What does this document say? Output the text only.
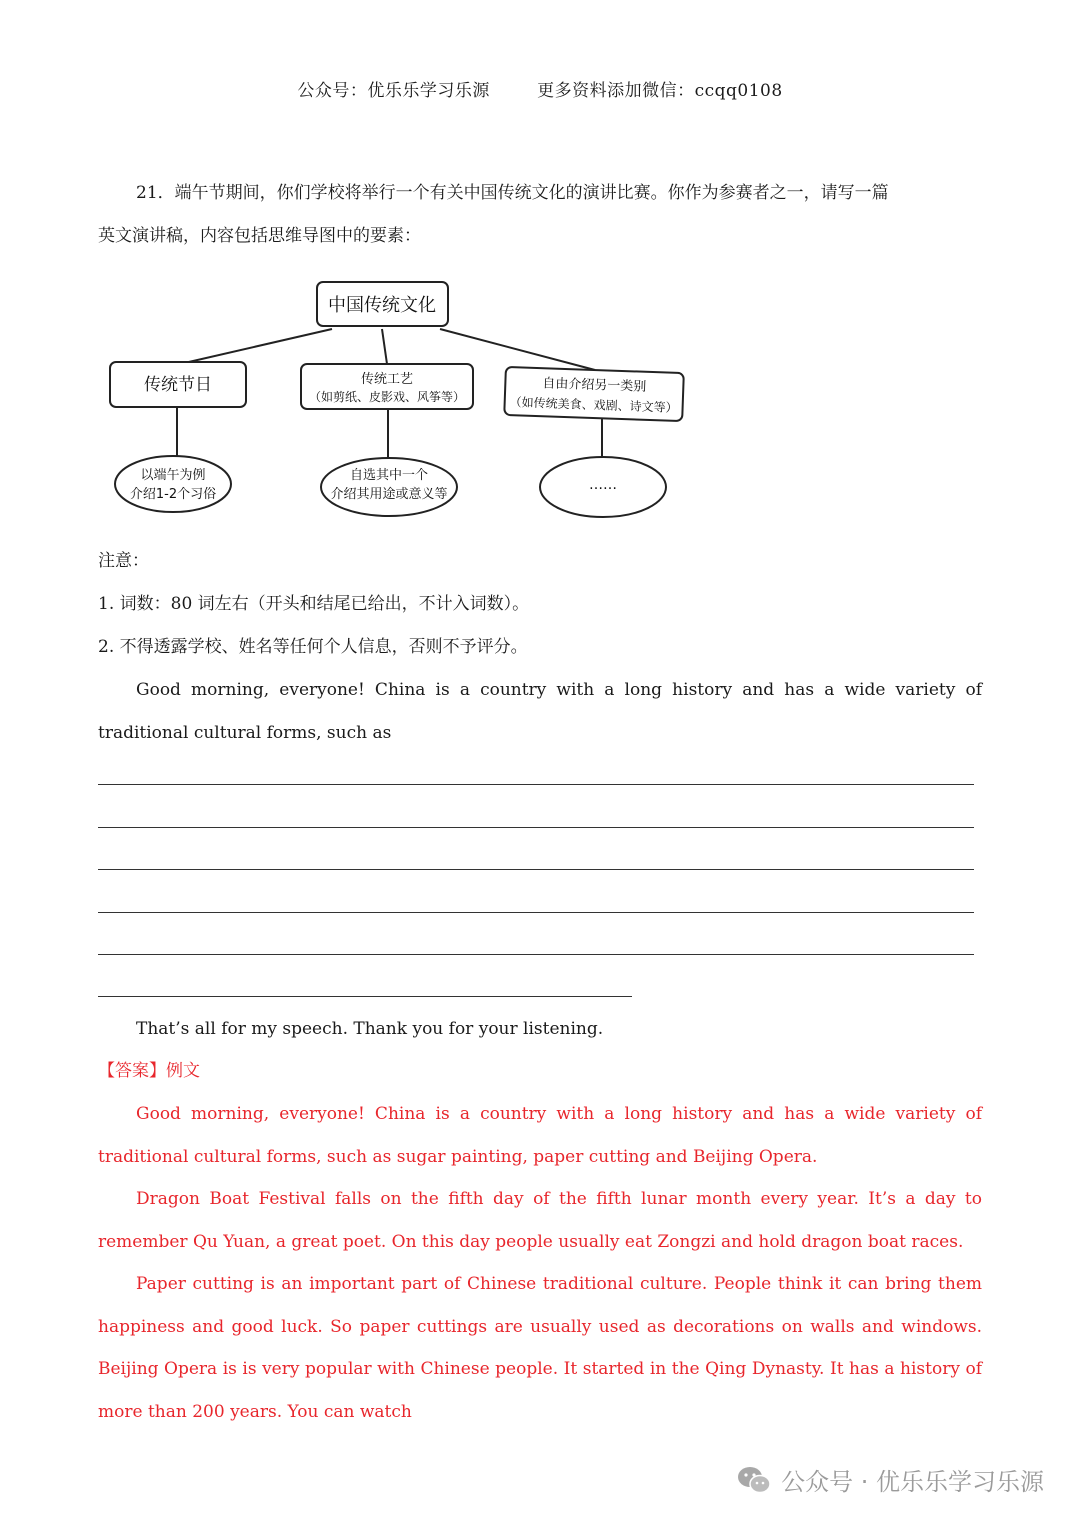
公众号：优乐乐学习乐源	更多资料添加微信：ccqq0108
21．端午节期间，你们学校将举行一个有关中国传统文化的演讲比赛。你作为参赛者之一，请写一篇
英文演讲稿，内容包括思维导图中的要素：
中国传统文化
传统节日	传统工艺
（如剪纸、皮影戏、风筝等）
自由介绍另一类别
（如传统美食、戏剧、诗文等）
以端午为例
介绍1-2个习俗
自选其中一个
介绍其用途或意义等
……
注意：
1. 词数：80 词左右（开头和结尾已给出，不计入词数）。
2. 不得透露学校、姓名等任何个人信息，否则不予评分。

Good morning, everyone! China is a country with a long history and has a wide variety of traditional cultural forms, such as

That’s all for my speech. Thank you for your listening.
【答案】例文

Good morning, everyone! China is a country with a long history and has a wide variety of traditional cultural forms, such as sugar painting, paper cutting and Beijing Opera.

Dragon Boat Festival falls on the fifth day of the fifth lunar month every year. It’s a day to remember Qu Yuan, a great poet. On this day people usually eat Zongzi and hold dragon boat races.

Paper cutting is an important part of Chinese traditional culture. People think it can bring them happiness and good luck. So paper cuttings are usually used as decorations on walls and windows. Beijing Opera is is very popular with Chinese people. It started in the Qing Dynasty. It has a history of more than 200 years. You can watch

公众号 · 优乐乐学习乐源
